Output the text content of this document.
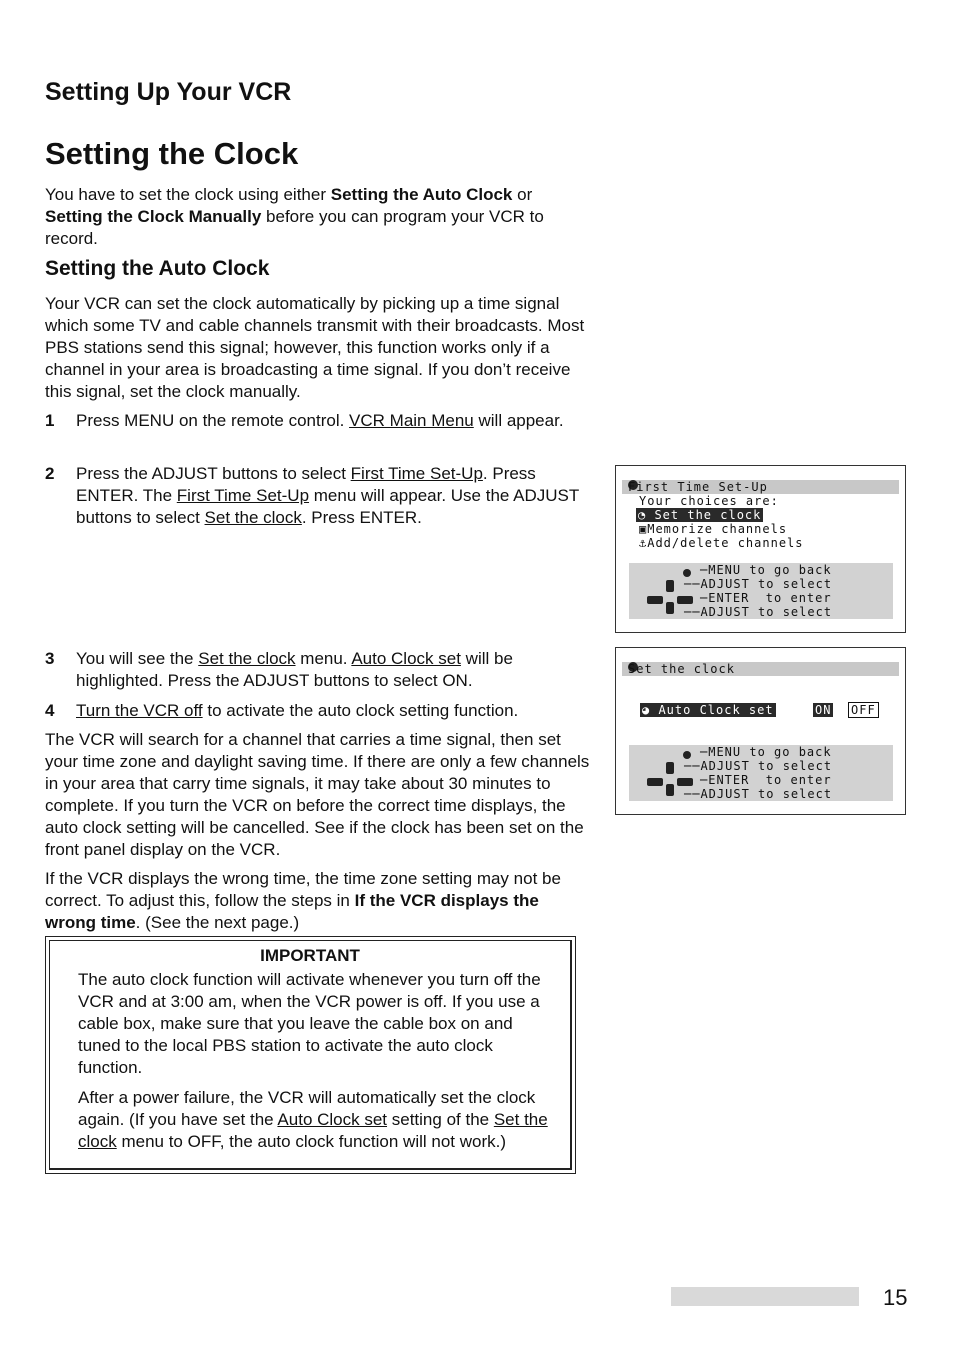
Setting Up Your VCR
Setting the Clock

You have to set the clock using either Setting the Auto Clock or Setting the Clock Manually before you can program your VCR to record.

Setting the Auto Clock

Your VCR can set the clock automatically by picking up a time signal which some TV and cable channels transmit with their broadcasts. Most PBS stations send this signal; however, this function works only if a channel in your area is broadcasting a time signal. If you don’t receive this signal, set the clock manually.

1 Press MENU on the remote control. VCR Main Menu will appear.
2 Press the ADJUST buttons to select First Time Set-Up. Press ENTER. The First Time Set-Up menu will appear. Use the ADJUST buttons to select Set the clock. Press ENTER.
3 You will see the Set the clock menu. Auto Clock set will be highlighted. Press the ADJUST buttons to select ON.
4 Turn the VCR off to activate the auto clock setting function.

The VCR will search for a channel that carries a time signal, then set your time zone and daylight saving time. If there are only a few channels in your area that carry time signals, it may take about 30 minutes to complete. If you turn the VCR on before the correct time displays, the auto clock setting will be cancelled. See if the clock has been set on the front panel display on the VCR.

If the VCR displays the wrong time, the time zone setting may not be correct. To adjust this, follow the steps in If the VCR displays the wrong time. (See the next page.)

IMPORTANT

The auto clock function will activate whenever you turn off the VCR and at 3:00 am, when the VCR power is off. If you use a cable box, make sure that you leave the cable box on and tuned to the local PBS station to activate the auto clock function.

After a power failure, the VCR will automatically set the clock again. (If you have set the Auto Clock set setting of the Set the clock menu to OFF, the auto clock function will not work.)

First Time Set-Up

Your choices are:

◔ Set the clock

▣Memorize channels

⚓Add/delete channels

─MENU to go back

──ADJUST to select

─ENTER  to enter

──ADJUST to select

Set the clock

◕ Auto Clock set

	ON

OFF

─MENU to go back

──ADJUST to select

─ENTER  to enter

──ADJUST to select

15
